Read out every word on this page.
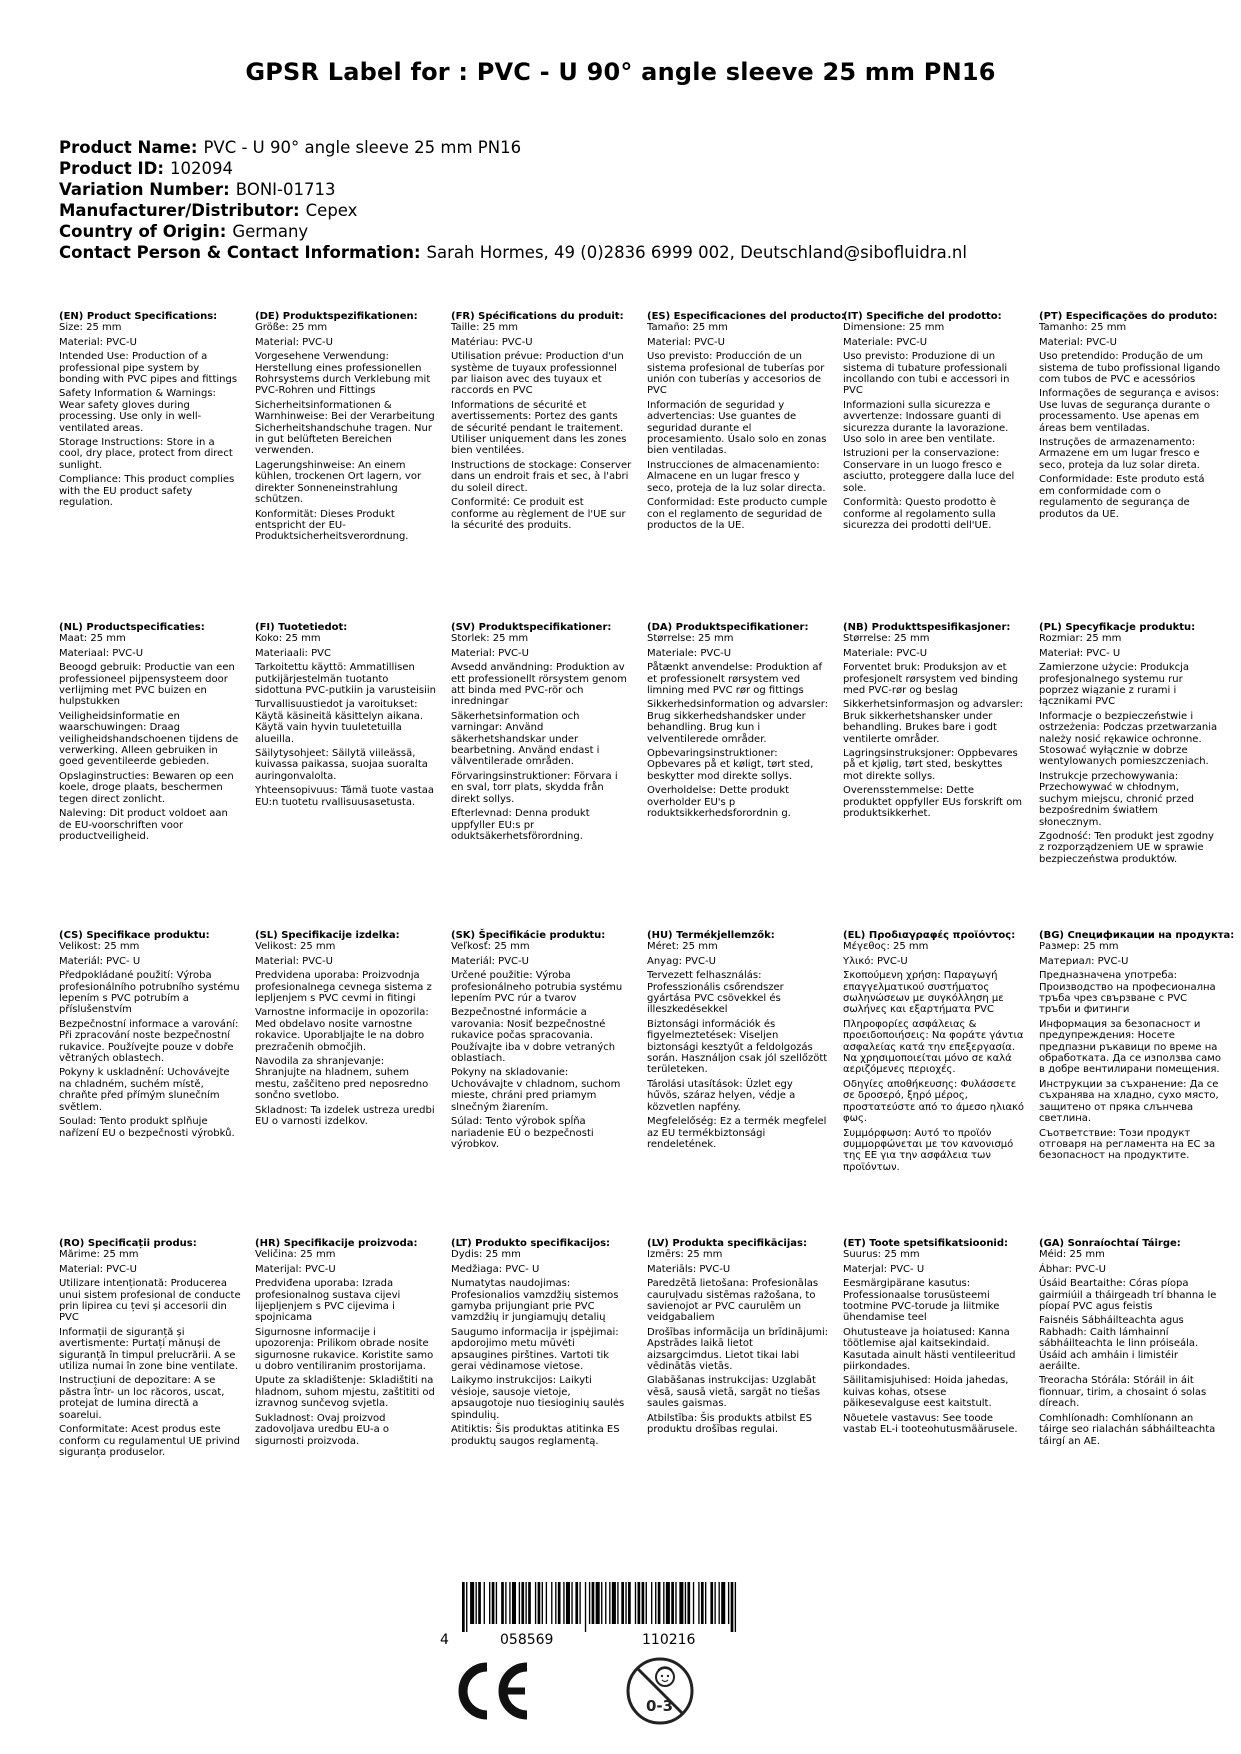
GPSR Label for : PVC - U 90° angle sleeve 25 mm PN16
Product Name: PVC - U 90° angle sleeve 25 mm PN16
Product ID: 102094
Variation Number: BONI-01713
Manufacturer/Distributor: Cepex
Country of Origin: Germany
Contact Person & Contact Information: Sarah Hormes, 49 (0)2836 6999 002, Deutschland@sibofluidra.nl
(EN) Product Specifications:
Size: 25 mm
Material: PVC-U
Intended Use: Production of a professional pipe system by bonding with PVC pipes and fittings
Safety Information & Warnings: Wear safety gloves during processing. Use only in well-ventilated areas.
Storage Instructions: Store in a cool, dry place, protect from direct sunlight.
Compliance: This product complies with the EU product safety regulation.
(DE) Produktspezifikationen:
Größe: 25 mm
Material: PVC-U
Vorgesehene Verwendung: Herstellung eines professionellen Rohrsystems durch Verklebung mit PVC-Rohren und Fittings
Sicherheitsinformationen & Warnhinweise: Bei der Verarbeitung Sicherheitshandschuhe tragen. Nur in gut belüfteten Bereichen verwenden.
Lagerungshinweise: An einem kühlen, trockenen Ort lagern, vor direkter Sonneneinstrahlung schützen.
Konformität: Dieses Produkt entspricht der EU-Produktsicherheitsverordnung.
(FR) Spécifications du produit:
Taille: 25 mm
Matériau: PVC-U
Utilisation prévue: Production d'un système de tuyaux professionnel par liaison avec des tuyaux et raccords en PVC
Informations de sécurité et avertissements: Portez des gants de sécurité pendant le traitement. Utiliser uniquement dans les zones bien ventilées.
Instructions de stockage: Conserver dans un endroit frais et sec, à l'abri du soleil direct.
Conformité: Ce produit est conforme au règlement de l'UE sur la sécurité des produits.
(ES) Especificaciones del producto:
Tamaño: 25 mm
Material: PVC-U
Uso previsto: Producción de un sistema profesional de tuberías por unión con tuberías y accesorios de PVC
Información de seguridad y advertencias: Use guantes de seguridad durante el procesamiento. Úsalo solo en zonas bien ventiladas.
Instrucciones de almacenamiento: Almacene en un lugar fresco y seco, proteja de la luz solar directa.
Conformidad: Este producto cumple con el reglamento de seguridad de productos de la UE.
(IT) Specifiche del prodotto:
Dimensione: 25 mm
Materiale: PVC-U
Uso previsto: Produzione di un sistema di tubature professionali incollando con tubi e accessori in PVC
Informazioni sulla sicurezza e avvertenze: Indossare guanti di sicurezza durante la lavorazione. Uso solo in aree ben ventilate.
Istruzioni per la conservazione: Conservare in un luogo fresco e asciutto, proteggere dalla luce del sole.
Conformità: Questo prodotto è conforme al regolamento sulla sicurezza dei prodotti dell'UE.
(PT) Especificações do produto:
Tamanho: 25 mm
Material: PVC-U
Uso pretendido: Produção de um sistema de tubo profissional ligando com tubos de PVC e acessórios
Informações de segurança e avisos: Use luvas de segurança durante o processamento. Use apenas em áreas bem ventiladas.
Instruções de armazenamento: Armazene em um lugar fresco e seco, proteja da luz solar direta.
Conformidade: Este produto está em conformidade com o regulamento de segurança de produtos da UE.
(NL) Productspecificaties:
Maat: 25 mm
Materiaal: PVC-U
Beoogd gebruik: Productie van een professioneel pijpensysteem door verlijming met PVC buizen en hulpstukken
Veiligheidsinformatie en waarschuwingen: Draag veiligheidshandschoenen tijdens de verwerking. Alleen gebruiken in goed geventileerde gebieden.
Opslaginstructies: Bewaren op een koele, droge plaats, beschermen tegen direct zonlicht.
Naleving: Dit product voldoet aan de EU-voorschriften voor productveiligheid.
(FI) Tuotetiedot:
Koko: 25 mm
Materiaali: PVC
Tarkoitettu käyttö: Ammatillisen putkijärjestelmän tuotanto sidottuna PVC-putkiin ja varusteisiin
Turvallisuustiedot ja varoitukset: Käytä käsineitä käsittelyn aikana. Käytä vain hyvin tuuletetuilla alueilla.
Säilytysohjeet: Säilytä viileässä, kuivassa paikassa, suojaa suoralta auringonvalolta.
Yhteensopivuus: Tämä tuote vastaa EU:n tuotetu rvallisuusasetusta.
(SV) Produktspecifikationer:
Storlek: 25 mm
Material: PVC-U
Avsedd användning: Produktion av ett professionellt rörsystem genom att binda med PVC-rör och inredningar
Säkerhetsinformation och varningar: Använd säkerhetshandskar under bearbetning. Använd endast i välventilerade områden.
Förvaringsinstruktioner: Förvara i en sval, torr plats, skydda från direkt sollys.
Efterlevnad: Denna produkt uppfyller EU:s pr oduktsäkerhetsförordning.
(DA) Produktspecifikationer:
Størrelse: 25 mm
Materiale: PVC-U
Påtænkt anvendelse: Produktion af et professionelt rørsystem ved limning med PVC rør og fittings
Sikkerhedsinformation og advarsler: Brug sikkerhedshandsker under behandling. Brug kun i velventilerede områder.
Opbevaringsinstruktioner: Opbevares på et køligt, tørt sted, beskytter mod direkte sollys.
Overholdelse: Dette produkt overholder EU's p roduktsikkerhedsforordnin g.
(NB) Produkttspesifikasjoner:
Størrelse: 25 mm
Materiale: PVC-U
Forventet bruk: Produksjon av et profesjonelt rørsystem ved binding med PVC-rør og beslag
Sikkerhetsinformasjon og advarsler: Bruk sikkerhetshansker under behandling. Brukes bare i godt ventilerte områder.
Lagringsinstruksjoner: Oppbevares på et kjølig, tørt sted, beskyttes mot direkte sollys.
Overensstemmelse: Dette produktet oppfyller EUs forskrift om produktsikkerhet.
(PL) Specyfikacje produktu:
Rozmiar: 25 mm
Materiał: PVC- U
Zamierzone użycie: Produkcja profesjonalnego systemu rur poprzez wiązanie z rurami i łącznikami PVC
Informacje o bezpieczeństwie i ostrzeżenia: Podczas przetwarzania należy nosić rękawice ochronne. Stosować wyłącznie w dobrze wentylowanych pomieszczeniach.
Instrukcje przechowywania: Przechowywać w chłodnym, suchym miejscu, chronić przed bezpośrednim światłem słonecznym.
Zgodność: Ten produkt jest zgodny z rozporządzeniem UE w sprawie bezpieczeństwa produktów.
(CS) Specifikace produktu:
Velikost: 25 mm
Materiál: PVC- U
Předpokládané použití: Výroba profesionálního potrubního systému lepením s PVC potrubím a příslušenstvím
Bezpečnostní informace a varování: Při zpracování noste bezpečnostní rukavice. Používejte pouze v dobře větraných oblastech.
Pokyny k uskladnění: Uchovávejte na chladném, suchém místě, chraňte před přímým slunečním světlem.
Soulad: Tento produkt splňuje nařízení EU o bezpečnosti výrobků.
(SL) Specifikacije izdelka:
Velikost: 25 mm
Material: PVC-U
Predvidena uporaba: Proizvodnja profesionalnega cevnega sistema z lepljenjem s PVC cevmi in fitingi
Varnostne informacije in opozorila: Med obdelavo nosite varnostne rokavice. Uporabljajte le na dobro prezračenih območjih.
Navodila za shranjevanje: Shranjujte na hladnem, suhem mestu, zaščiteno pred neposredno sončno svetlobo.
Skladnost: Ta izdelek ustreza uredbi EU o varnosti izdelkov.
(SK) Špecifikácie produktu:
Veľkosť: 25 mm
Materiál: PVC-U
Určené použitie: Výroba profesionálneho potrubia systému lepením PVC rúr a tvarov
Bezpečnostné informácie a varovania: Nosiť bezpečnostné rukavice počas spracovania. Používajte iba v dobre vetraných oblastiach.
Pokyny na skladovanie: Uchovávajte v chladnom, suchom mieste, chráni pred priamym slnečným žiarením.
Súlad: Tento výrobok spĺňa nariadenie EÚ o bezpečnosti výrobkov.
(HU) Termékjellemzők:
Méret: 25 mm
Anyag: PVC-U
Tervezett felhasználás: Professzionális csőrendszer gyártása PVC csövekkel és illeszkedésekkel
Biztonsági információk és figyelmeztetések: Viseljen biztonsági kesztyűt a feldolgozás során. Használjon csak jól szellőzött területeken.
Tárolási utasítások: Üzlet egy hűvös, száraz helyen, védje a közvetlen napfény.
Megfelelőség: Ez a termék megfelel az EU termékbiztonsági rendeletének.
(EL) Προδιαγραφές προϊόντος:
Μέγεθος: 25 mm
Υλικό: PVC-U
Σκοπούμενη χρήση: Παραγωγή επαγγελματικού συστήματος σωληνώσεων με συγκόλληση με σωλήνες και εξαρτήματα PVC
Πληροφορίες ασφάλειας & προειδοποιήσεις: Να φοράτε γάντια ασφαλείας κατά την επεξεργασία. Να χρησιμοποιείται μόνο σε καλά αεριζόμενες περιοχές.
Οδηγίες αποθήκευσης: Φυλάσσετε σε δροσερό, ξηρό μέρος, προστατεύστε από το άμεσο ηλιακό φως.
Συμμόρφωση: Αυτό το προϊόν συμμορφώνεται με τον κανονισμό της ΕΕ για την ασφάλεια των προϊόντων.
(BG) Спецификации на продукта:
Размер: 25 mm
Материал: PVC-U
Предназначена употреба: Производство на професионална тръба чрез свързване с PVC тръби и фитинги
Информация за безопасност и предупреждения: Носете предпазни ръкавици по време на обработката. Да се използва само в добре вентилирани помещения.
Инструкции за съхранение: Да се съхранява на хладно, сухо място, защитено от пряка слънчева светлина.
Съответствие: Този продукт отговаря на регламента на ЕС за безопасност на продуктите.
(RO) Specificații produs:
Mărime: 25 mm
Material: PVC-U
Utilizare intenționată: Producerea unui sistem profesional de conducte prin lipirea cu țevi și accesorii din PVC
Informații de siguranță și avertismente: Purtați mănuși de siguranță în timpul prelucrării. A se utiliza numai în zone bine ventilate.
Instrucțiuni de depozitare: A se păstra într- un loc răcoros, uscat, protejat de lumina directă a soarelui.
Conformitate: Acest produs este conform cu regulamentul UE privind siguranța produselor.
(HR) Specifikacije proizvoda:
Veličina: 25 mm
Materijal: PVC-U
Predviđena uporaba: Izrada profesionalnog sustava cijevi lijepljenjem s PVC cijevima i spojnicama
Sigurnosne informacije i upozorenja: Prilikom obrade nosite sigurnosne rukavice. Koristite samo u dobro ventiliranim prostorijama.
Upute za skladištenje: Skladištiti na hladnom, suhom mjestu, zaštititi od izravnog sunčevog svjetla.
Sukladnost: Ovaj proizvod zadovoljava uredbu EU-a o sigurnosti proizvoda.
(LT) Produkto specifikacijos:
Dydis: 25 mm
Medžiaga: PVC- U
Numatytas naudojimas: Profesionalios vamzdžių sistemos gamyba prijungiant prie PVC vamzdžių ir jungiamųjų detalių
Saugumo informacija ir įspėjimai: apdorojimo metu mūvėti apsaugines pirštines. Vartoti tik gerai vėdinamose vietose.
Laikymo instrukcijos: Laikyti vėsioje, sausoje vietoje, apsaugotoje nuo tiesioginių saulės spindulių.
Atitiktis: Šis produktas atitinka ES produktų saugos reglamentą.
(LV) Produkta specifikācijas:
Izmērs: 25 mm
Materiāls: PVC-U
Paredzētā lietošana: Profesionālas cauruļvadu sistēmas ražošana, to savienojot ar PVC caurulēm un veidgabaliem
Drošības informācija un brīdinājumi: Apstrādes laikā lietot aizsargcimdus. Lietot tikai labi vēdinātās vietās.
Glabāšanas instrukcijas: Uzglabāt vēsā, sausā vietā, sargāt no tiešas saules gaismas.
Atbilstība: Šis produkts atbilst ES produktu drošības regulai.
(ET) Toote spetsifikatsioonid:
Suurus: 25 mm
Materjal: PVC- U
Eesmärgipärane kasutus: Professionaalse torusüsteemi tootmine PVC-torude ja liitmike ühendamise teel
Ohutusteave ja hoiatused: Kanna töötlemise ajal kaitsekindaid. Kasutada ainult hästi ventileeritud piirkondades.
Säilitamisjuhised: Hoida jahedas, kuivas kohas, otsese päikesevalguse eest kaitstult.
Nõuetele vastavus: See toode vastab EL-i tooteohutusmäärusele.
(GA) Sonraíochtaí Táirge:
Méid: 25 mm
Ábhar: PVC-U
Úsáid Beartaithe: Córas píopa gairmiúil a tháirgeadh trí bhanna le píopaí PVC agus feistis
Faisnéis Sábháilteachta agus Rabhadh: Caith lámhainní sábháilteachta le linn próiseála. Úsáid ach amháin i limistéir aeráilte.
Treoracha Stórála: Stóráil in áit fionnuar, tirim, a chosaint ó solas díreach.
Comhlíonadh: Comhlíonann an táirge seo rialachán sábháilteachta táirgí an AE.
4	058569	110216
0-3
